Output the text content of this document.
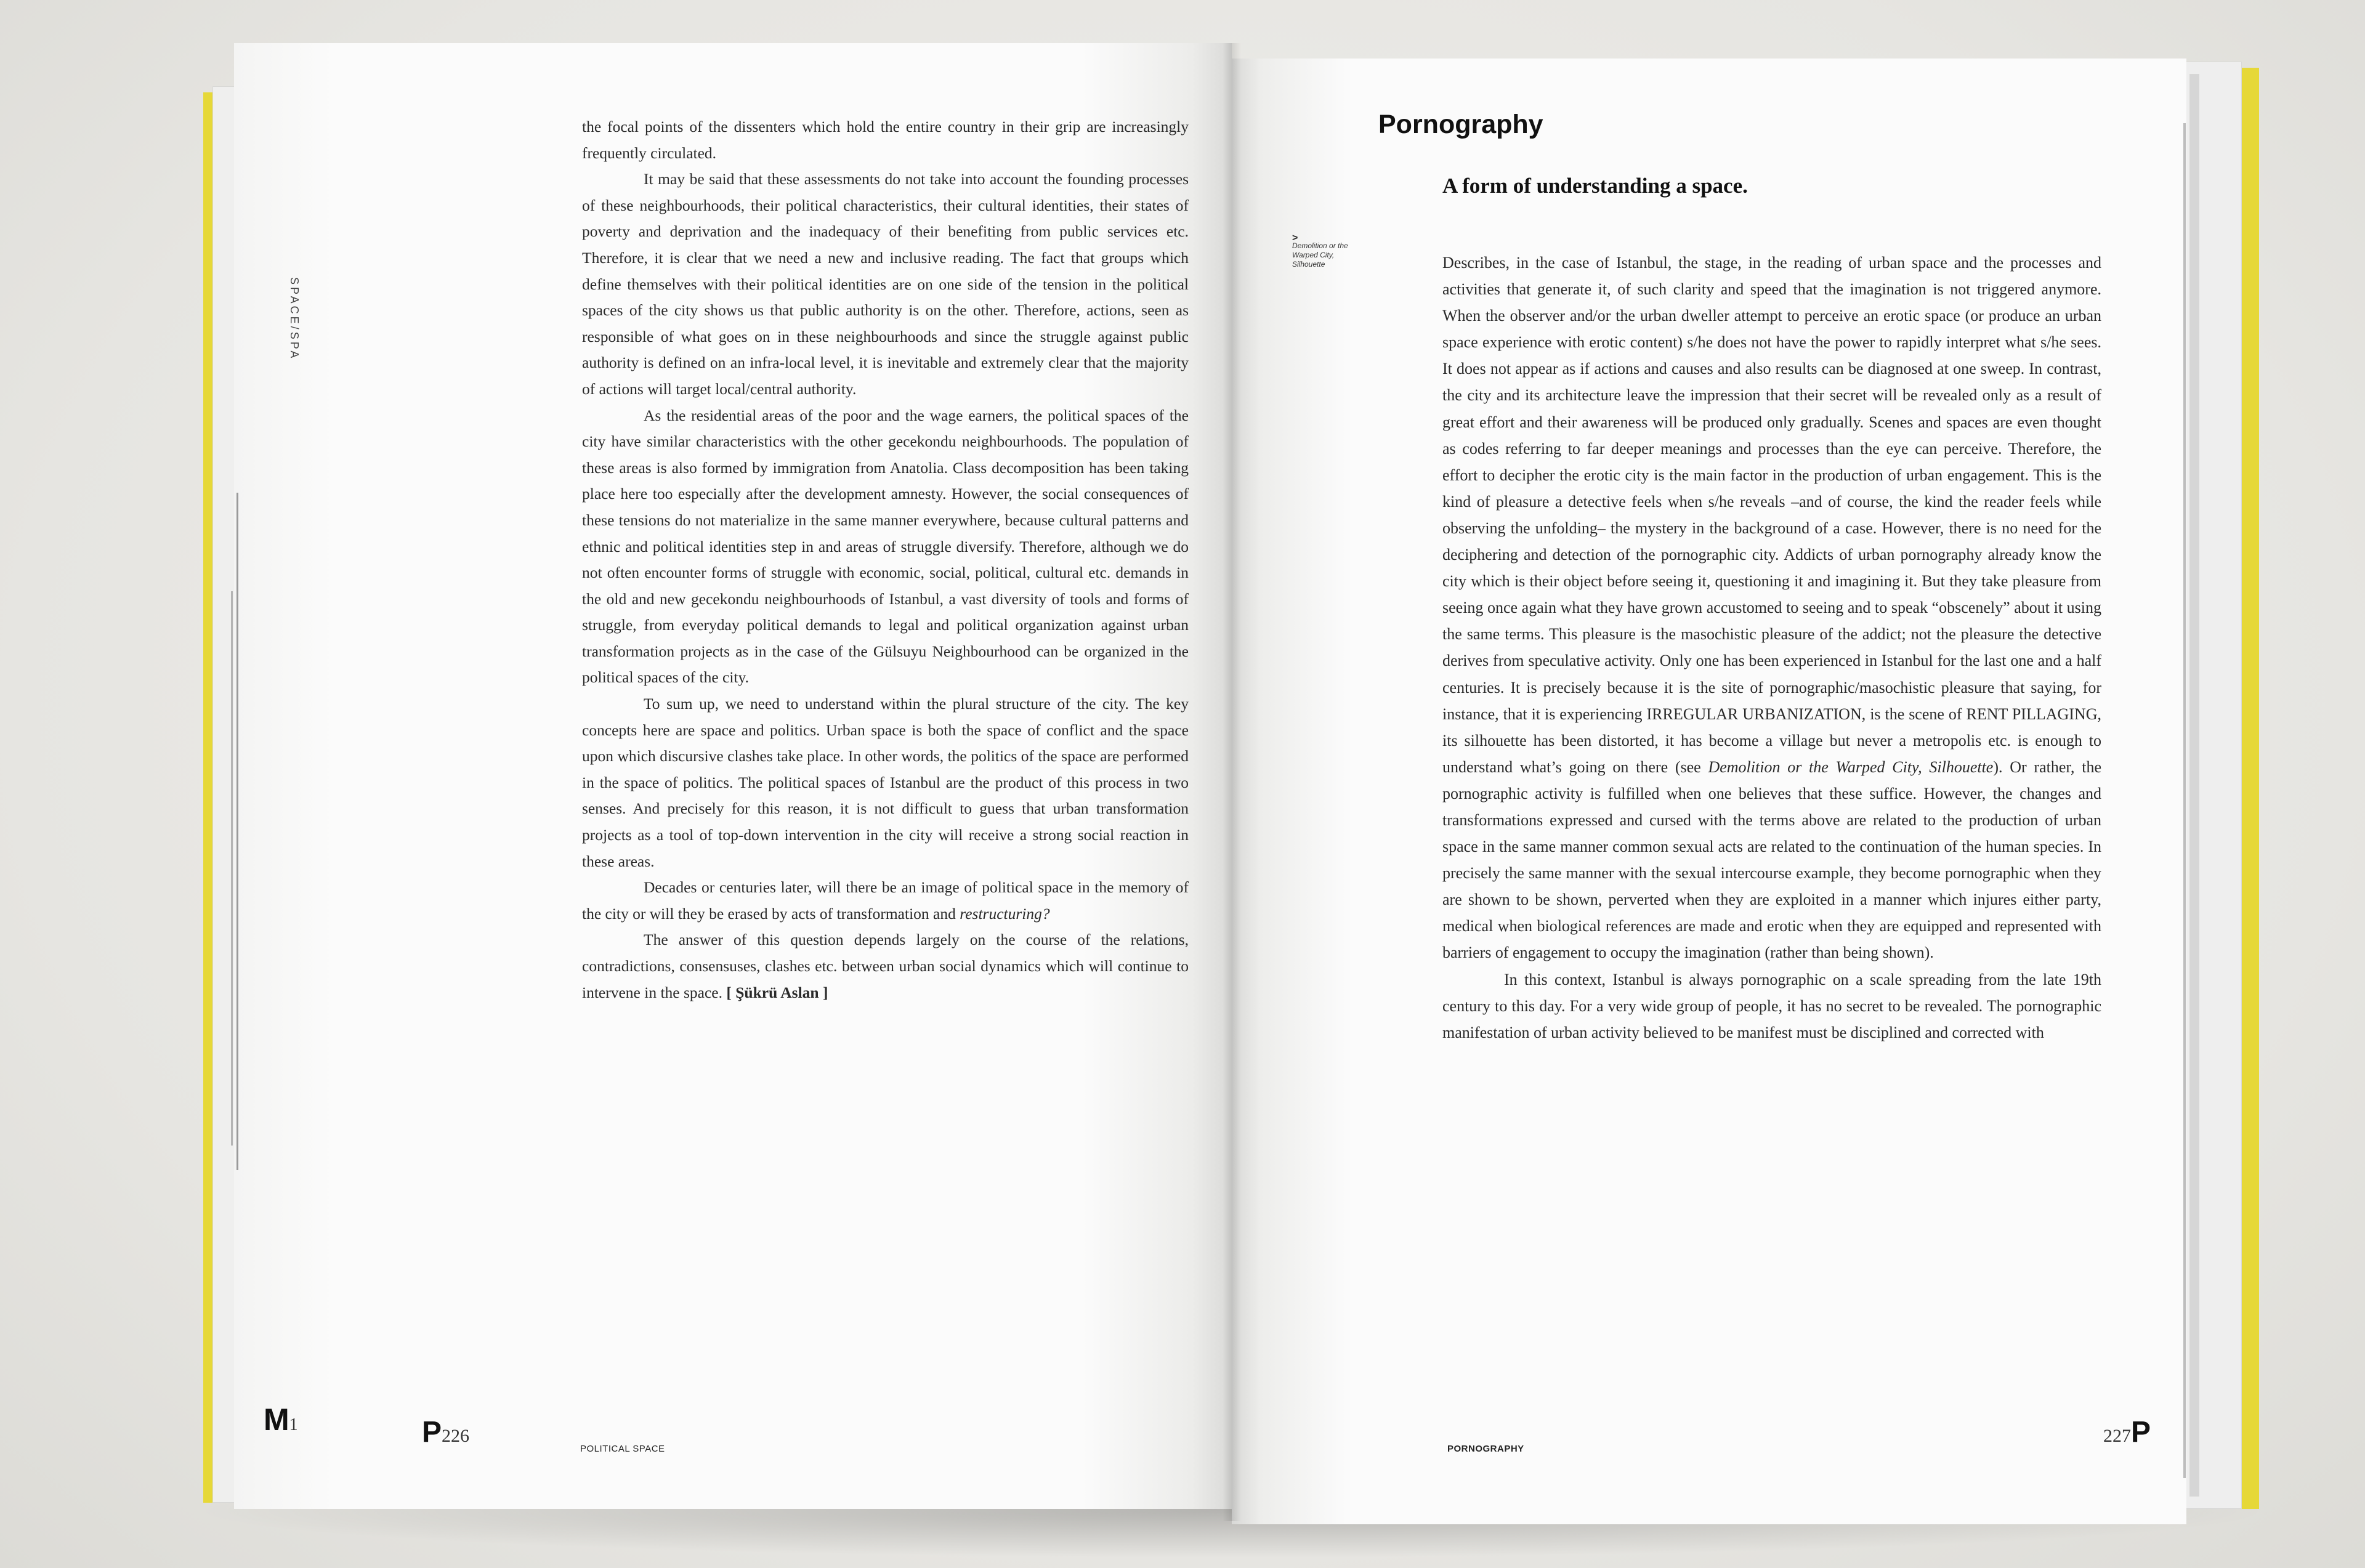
SPACE/SPA

the focal points of the dissenters which hold the entire country in their grip are increasingly frequently circulated.

It may be said that these assessments do not take into account the founding processes of these neighbourhoods, their political characteristics, their cultural identities, their states of poverty and deprivation and the inadequacy of their benefiting from public services etc. Therefore, it is clear that we need a new and inclusive reading. The fact that groups which define themselves with their political identities are on one side of the tension in the political spaces of the city shows us that public authority is on the other. Therefore, actions, seen as responsible of what goes on in these neighbourhoods and since the struggle against public authority is defined on an infra-local level, it is inevitable and extremely clear that the majority of actions will target local/central authority.

As the residential areas of the poor and the wage earners, the political spaces of the city have similar characteristics with the other gecekondu neighbourhoods. The population of these areas is also formed by immigration from Anatolia. Class decomposition has been taking place here too especially after the development amnesty. However, the social consequences of these tensions do not materialize in the same manner everywhere, because cultural patterns and ethnic and political identities step in and areas of struggle diversify. Therefore, although we do not often encounter forms of struggle with economic, social, political, cultural etc. demands in the old and new gecekondu neighbourhoods of Istanbul, a vast diversity of tools and forms of struggle, from everyday political demands to legal and political organization against urban transformation projects as in the case of the Gülsuyu Neighbourhood can be organized in the political spaces of the city.

To sum up, we need to understand within the plural structure of the city. The key concepts here are space and politics. Urban space is both the space of conflict and the space upon which discursive clashes take place. In other words, the politics of the space are performed in the space of politics. The political spaces of Istanbul are the product of this process in two senses. And precisely for this reason, it is not difficult to guess that urban transformation projects as a tool of top-down intervention in the city will receive a strong social reaction in these areas.

Decades or centuries later, will there be an image of political space in the memory of the city or will they be erased by acts of transformation and restructuring?

The answer of this question depends largely on the course of the relations, contradictions, consensuses, clashes etc. between urban social dynamics which will continue to intervene in the space. [ Şükrü Aslan ]

M1	P226
POLITICAL SPACE
Pornography
A form of understanding a space.
>
Demolition or the Warped City, Silhouette	Describes, in the case of Istanbul, the stage, in the reading of urban space and the processes and activities that generate it, of such clarity and speed that the imagination is not triggered anymore. When the observer and/or the urban dweller attempt to perceive an erotic space (or produce an urban space experience with erotic content) s/he does not have the power to rapidly interpret what s/he sees. It does not appear as if actions and causes and also results can be diagnosed at one sweep. In contrast, the city and its architecture leave the impression that their secret will be revealed only as a result of great effort and their awareness will be produced only gradually. Scenes and spaces are even thought as codes referring to far deeper meanings and processes than the eye can perceive. Therefore, the effort to decipher the erotic city is the main factor in the production of urban engagement. This is the kind of pleasure a detective feels when s/he reveals –and of course, the kind the reader feels while observing the unfolding– the mystery in the background of a case. However, there is no need for the deciphering and detection of the pornographic city. Addicts of urban pornography already know the city which is their object before seeing it, questioning it and imagining it. But they take pleasure from seeing once again what they have grown accustomed to seeing and to speak “obscenely” about it using the same terms. This pleasure is the masochistic pleasure of the addict; not the pleasure the detective derives from speculative activity. Only one has been experienced in Istanbul for the last one and a half centuries. It is precisely because it is the site of pornographic/masochistic pleasure that saying, for instance, that it is experiencing IRREGULAR URBANIZATION, is the scene of RENT PILLAGING, its silhouette has been distorted, it has become a village but never a metropolis etc. is enough to understand what’s going on there (see Demolition or the Warped City, Silhouette). Or rather, the pornographic activity is fulfilled when one believes that these suffice. However, the changes and transformations expressed and cursed with the terms above are related to the production of urban space in the same manner common sexual acts are related to the continuation of the human species. In precisely the same manner with the sexual intercourse example, they become pornographic when they are shown to be shown, perverted when they are exploited in a manner which injures either party, medical when biological references are made and erotic when they are equipped and represented with barriers of engagement to occupy the imagination (rather than being shown).

In this context, Istanbul is always pornographic on a scale spreading from the late 19th century to this day. For a very wide group of people, it has no secret to be revealed. The pornographic manifestation of urban activity believed to be manifest must be disciplined and corrected with

PORNOGRAPHY
227P
